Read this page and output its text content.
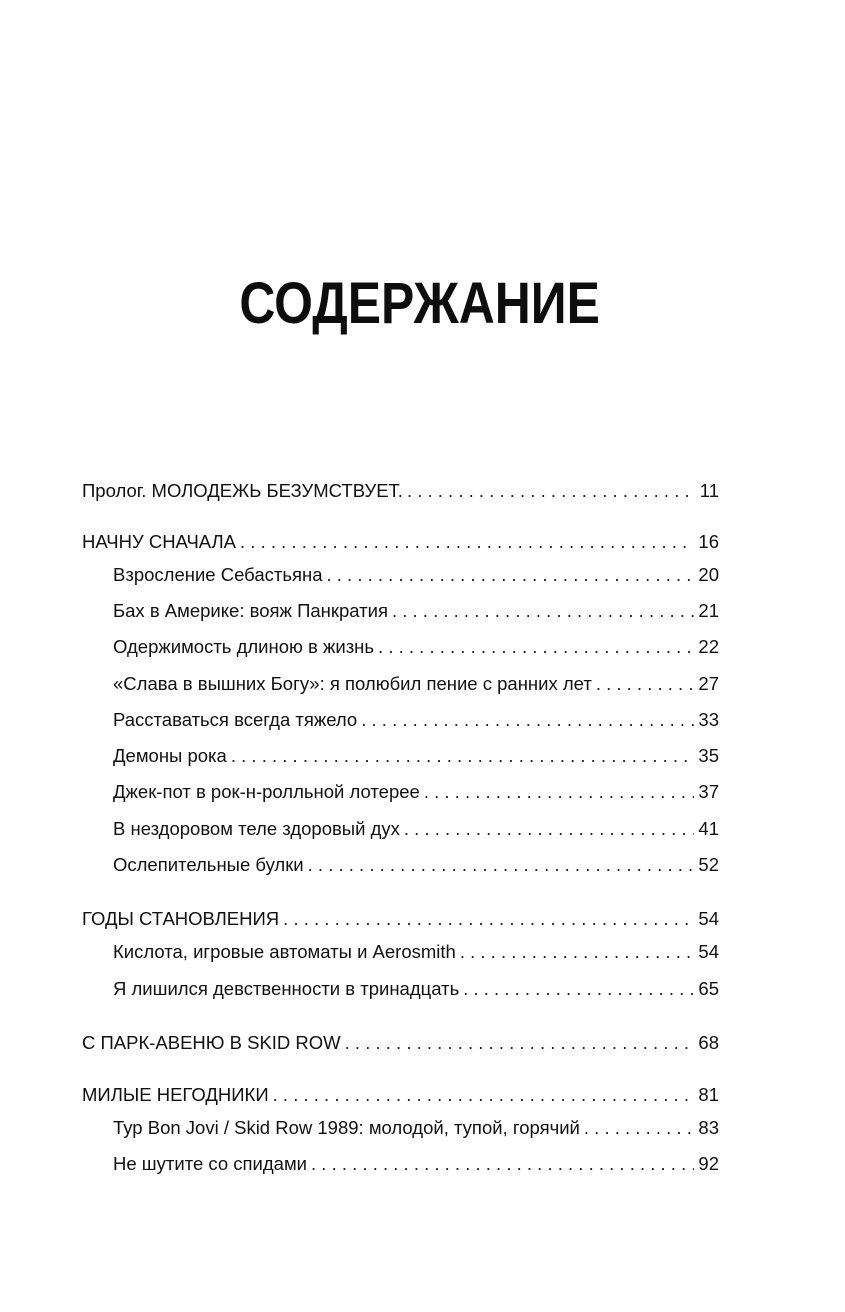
СОДЕРЖАНИЕ
Пролог. МОЛОДЕЖЬ БЕЗУМСТВУЕТ. . . .	11
НАЧНУ СНАЧАЛА . . .	16
Взросление Себастьяна . . .	20
Бах в Америке: вояж Панкратия . . .	21
Одержимость длиною в жизнь . . .	22
«Слава в вышних Богу»: я полюбил пение с ранних лет . . .	27
Расставаться всегда тяжело . . .	33
Демоны рока . . .	35
Джек-пот в рок-н-ролльной лотерее . . .	37
В нездоровом теле здоровый дух . . .	41
Ослепительные булки . . .	52
ГОДЫ СТАНОВЛЕНИЯ . . .	54
Кислота, игровые автоматы и Aerosmith . . .	54
Я лишился девственности в тринадцать . . .	65
С ПАРК-АВЕНЮ В SKID ROW . . .	68
МИЛЫЕ НЕГОДНИКИ . . .	81
Тур Bon Jovi / Skid Row 1989: молодой, тупой, горячий . . .	83
Не шутите со спидами . . .	92
